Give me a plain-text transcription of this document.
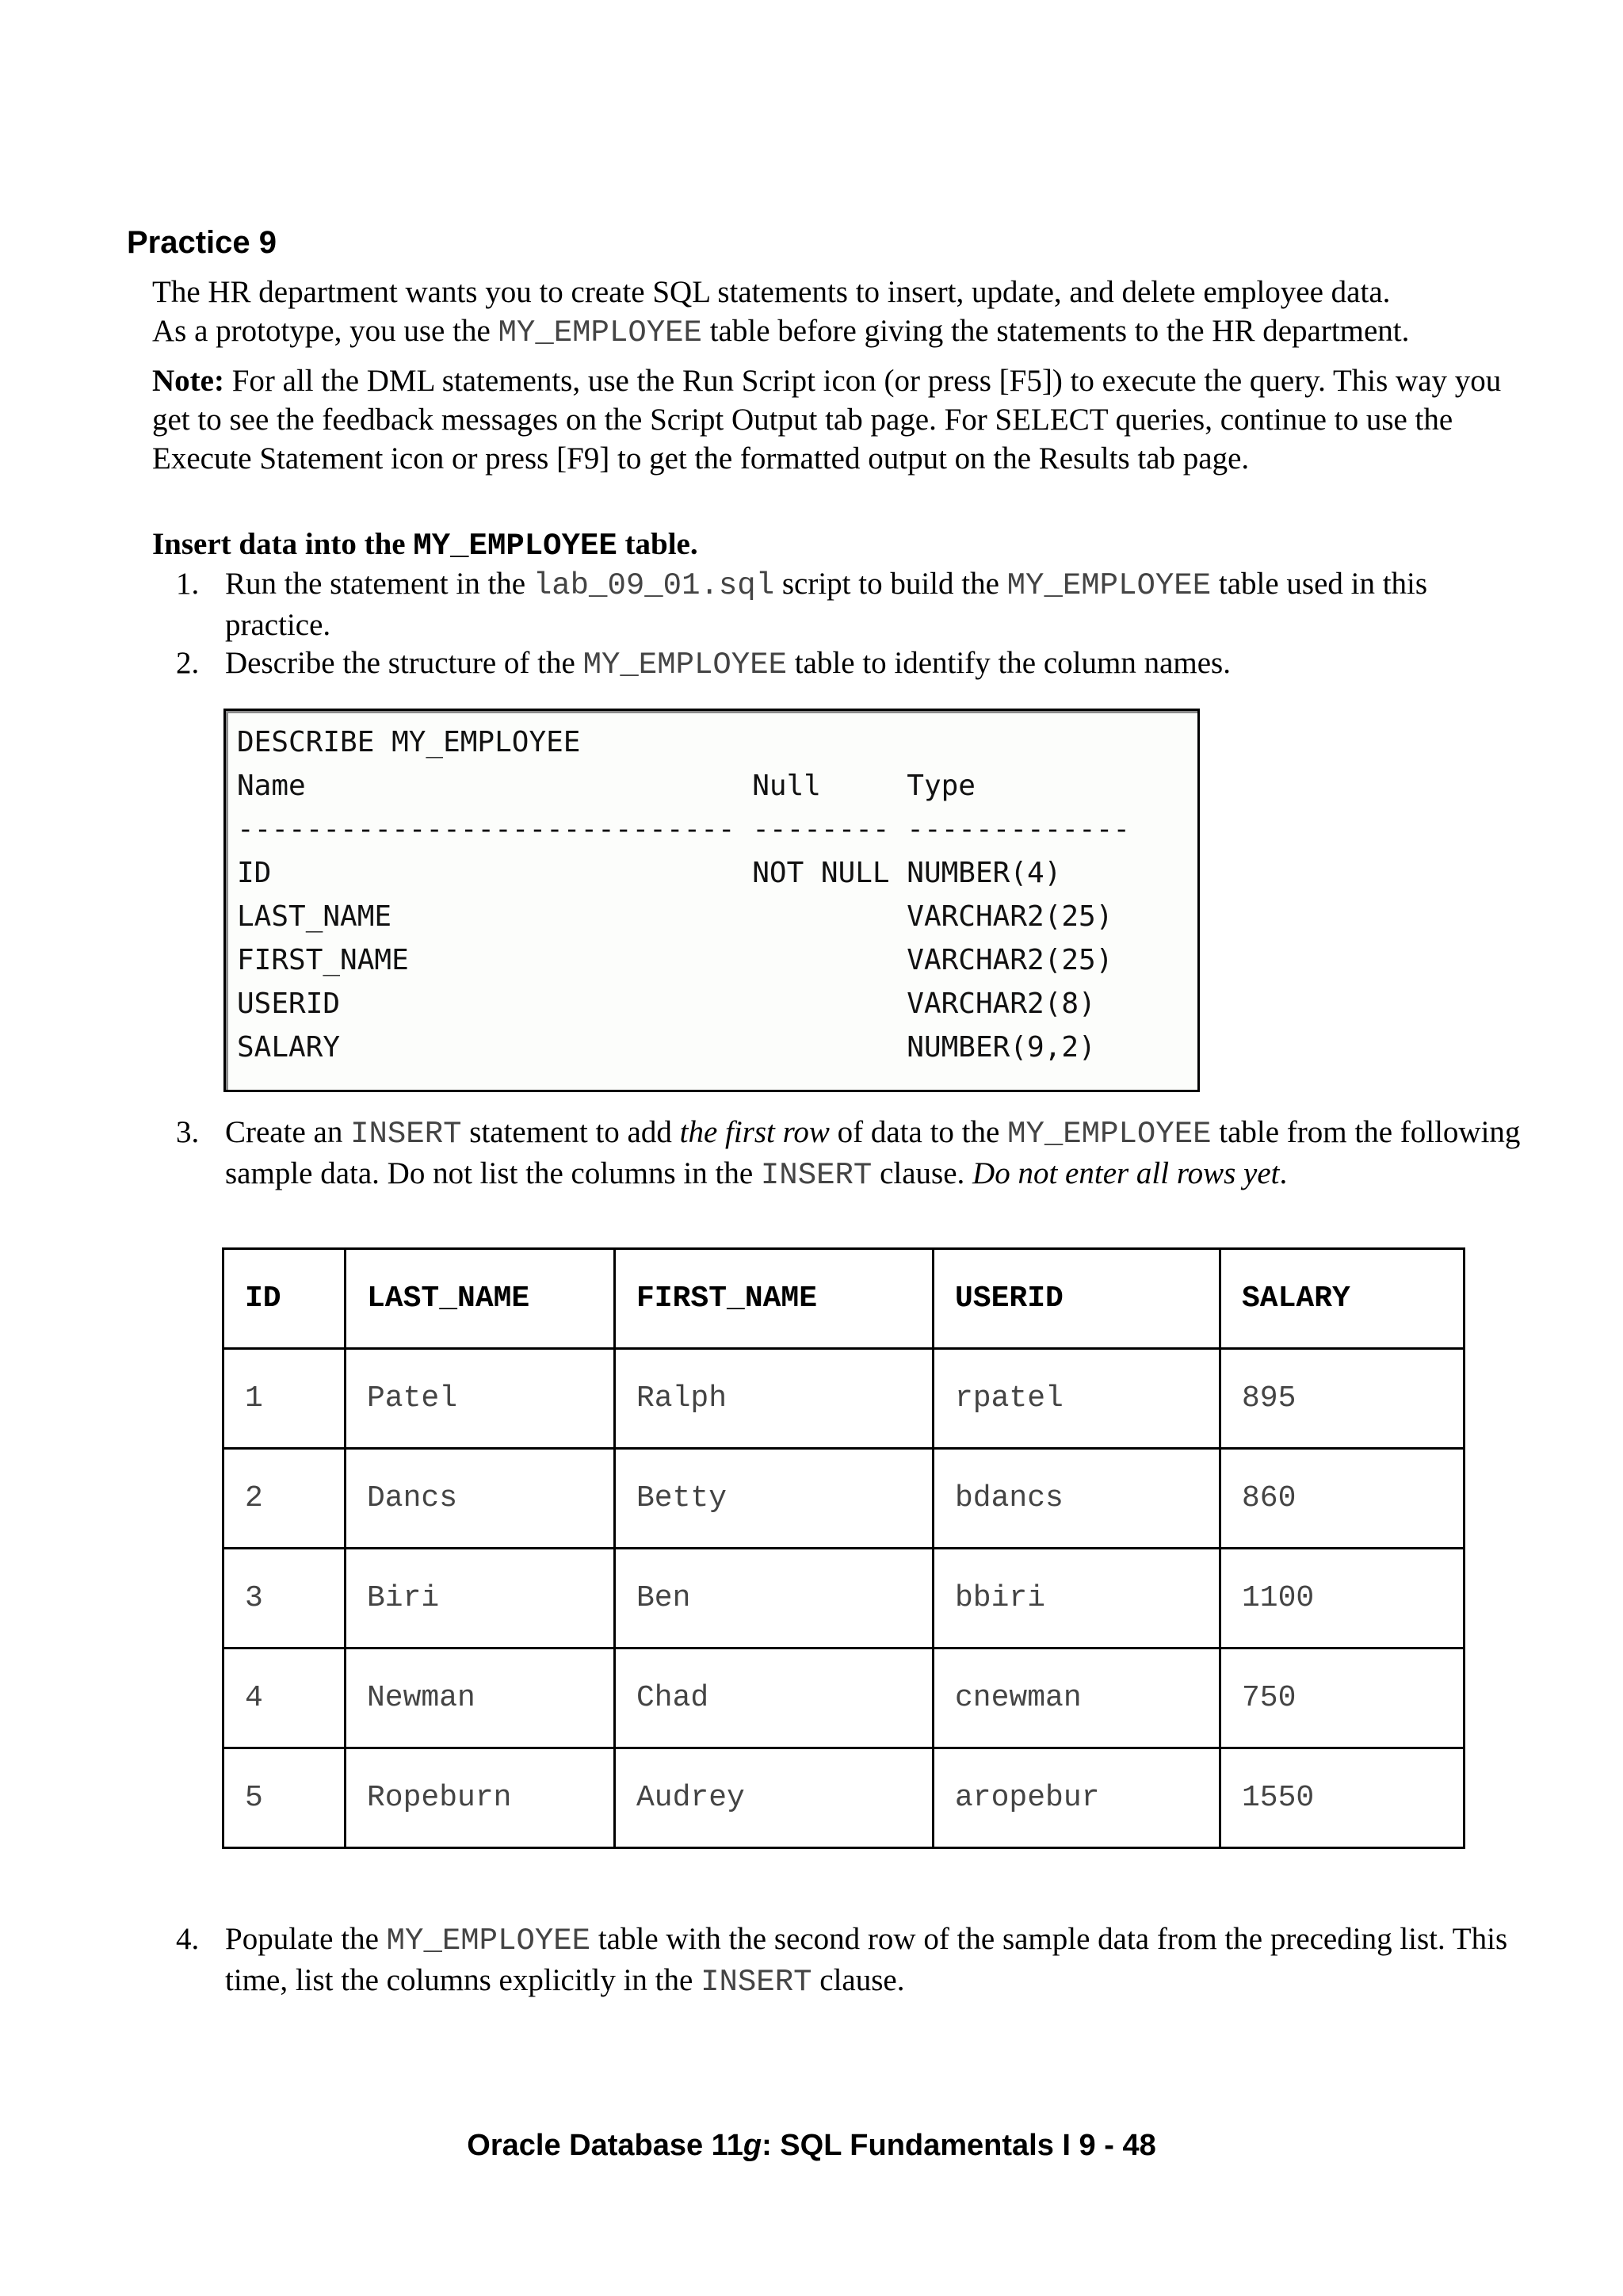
Practice 9
The HR department wants you to create SQL statements to insert, update, and delete employee data.
As a prototype, you use the MY_EMPLOYEE table before giving the statements to the HR department.
Note: For all the DML statements, use the Run Script icon (or press [F5]) to execute the query. This way you get to see the feedback messages on the Script Output tab page. For SELECT queries, continue to use the Execute Statement icon or press [F9] to get the formatted output on the Results tab page.
Insert data into the MY_EMPLOYEE table.
1. Run the statement in the lab_09_01.sql script to build the MY_EMPLOYEE table used in this practice.
2. Describe the structure of the MY_EMPLOYEE table to identify the column names.
DESCRIBE MY_EMPLOYEE
Name                          Null     Type
----------------------------- -------- -------------
ID                            NOT NULL NUMBER(4)
LAST_NAME                              VARCHAR2(25)
FIRST_NAME                             VARCHAR2(25)
USERID                                 VARCHAR2(8)
SALARY                                 NUMBER(9,2)
3. Create an INSERT statement to add the first row of data to the MY_EMPLOYEE table from the following sample data. Do not list the columns in the INSERT clause. Do not enter all rows yet.
ID	LAST_NAME	FIRST_NAME	USERID	SALARY
1	Patel	Ralph	rpatel	895
2	Dancs	Betty	bdancs	860
3	Biri	Ben	bbiri	1100
4	Newman	Chad	cnewman	750
5	Ropeburn	Audrey	aropebur	1550
4. Populate the MY_EMPLOYEE table with the second row of the sample data from the preceding list. This time, list the columns explicitly in the INSERT clause.
Oracle Database 11g: SQL Fundamentals I 9 - 48
